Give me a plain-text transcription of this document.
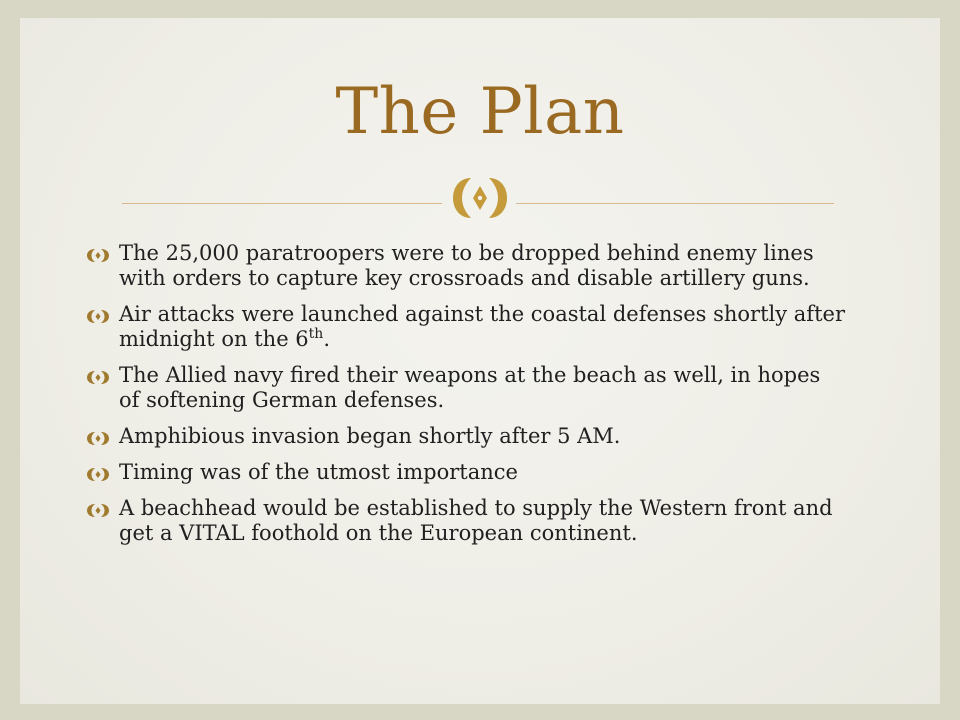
The Plan
The 25,000 paratroopers were to be dropped behind enemy lines with orders to capture key crossroads and disable artillery guns.
Air attacks were launched against the coastal defenses shortly after midnight on the 6th.
The Allied navy fired their weapons at the beach as well, in hopes of softening German defenses.
Amphibious invasion began shortly after 5 AM.
Timing was of the utmost importance
A beachhead would be established to supply the Western front and get a VITAL foothold on the European continent.
